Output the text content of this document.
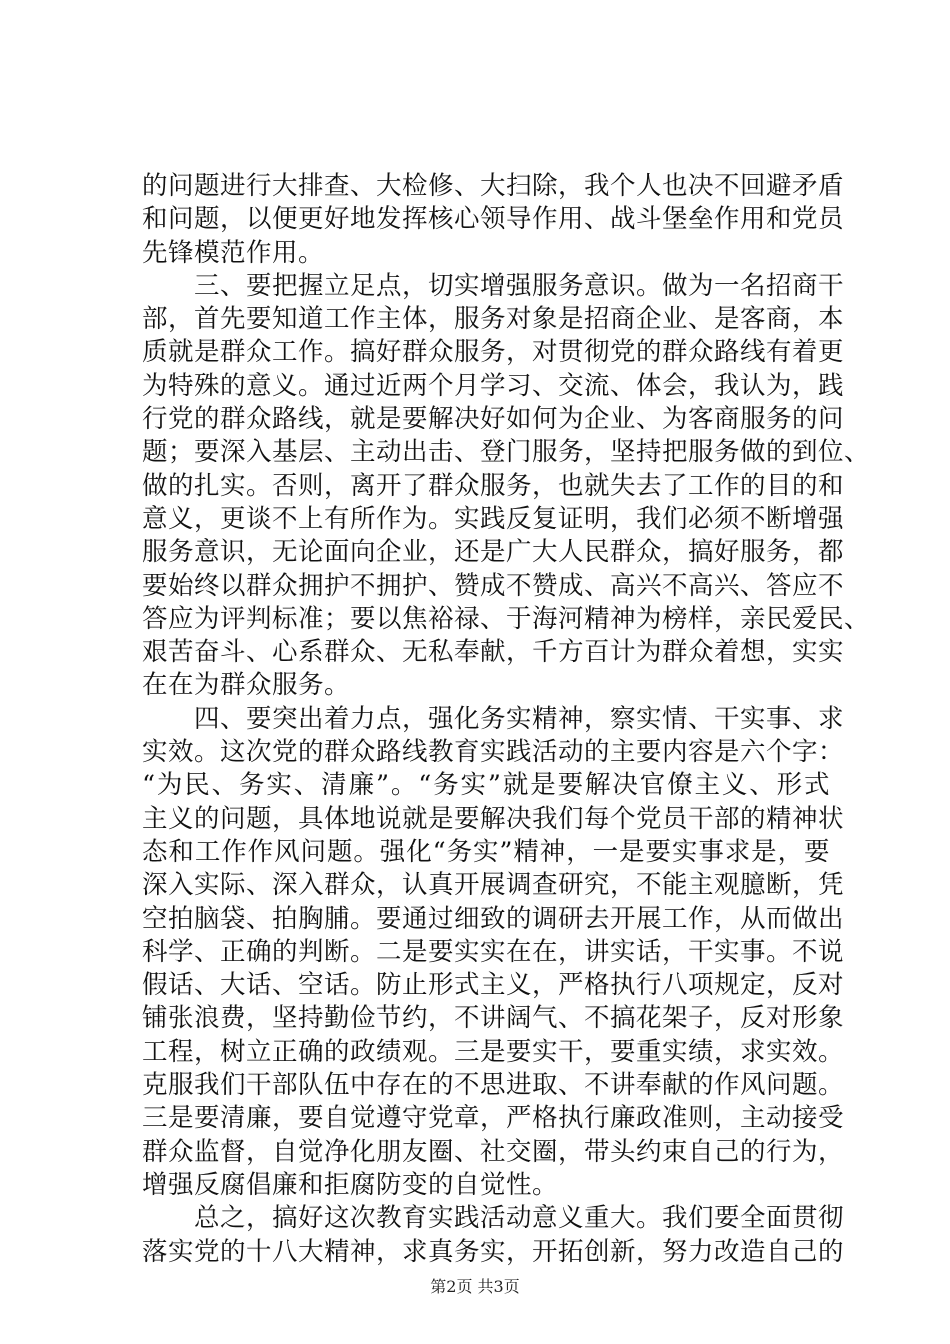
的问题进行大排查、大检修、大扫除，我个人也决不回避矛盾
和问题，以便更好地发挥核心领导作用、战斗堡垒作用和党员
先锋模范作用。
　　三、要把握立足点，切实增强服务意识。做为一名招商干
部，首先要知道工作主体，服务对象是招商企业、是客商，本
质就是群众工作。搞好群众服务，对贯彻党的群众路线有着更
为特殊的意义。通过近两个月学习、交流、体会，我认为，践
行党的群众路线，就是要解决好如何为企业、为客商服务的问
题；要深入基层、主动出击、登门服务，坚持把服务做的到位、
做的扎实。否则，离开了群众服务，也就失去了工作的目的和
意义，更谈不上有所作为。实践反复证明，我们必须不断增强
服务意识，无论面向企业，还是广大人民群众，搞好服务，都
要始终以群众拥护不拥护、赞成不赞成、高兴不高兴、答应不
答应为评判标准；要以焦裕禄、于海河精神为榜样，亲民爱民、
艰苦奋斗、心系群众、无私奉献，千方百计为群众着想，实实
在在为群众服务。
　　四、要突出着力点，强化务实精神，察实情、干实事、求
实效。这次党的群众路线教育实践活动的主要内容是六个字：
“为民、务实、清廉”。“务实”就是要解决官僚主义、形式
主义的问题，具体地说就是要解决我们每个党员干部的精神状
态和工作作风问题。强化“务实”精神，一是要实事求是，要
深入实际、深入群众，认真开展调查研究，不能主观臆断，凭
空拍脑袋、拍胸脯。要通过细致的调研去开展工作，从而做出
科学、正确的判断。二是要实实在在，讲实话，干实事。不说
假话、大话、空话。防止形式主义，严格执行八项规定，反对
铺张浪费，坚持勤俭节约，不讲阔气、不搞花架子，反对形象
工程，树立正确的政绩观。三是要实干，要重实绩，求实效。
克服我们干部队伍中存在的不思进取、不讲奉献的作风问题。
三是要清廉，要自觉遵守党章，严格执行廉政准则，主动接受
群众监督，自觉净化朋友圈、社交圈，带头约束自己的行为，
增强反腐倡廉和拒腐防变的自觉性。
　　总之，搞好这次教育实践活动意义重大。我们要全面贯彻
落实党的十八大精神，求真务实，开拓创新，努力改造自己的
第2页 共3页
